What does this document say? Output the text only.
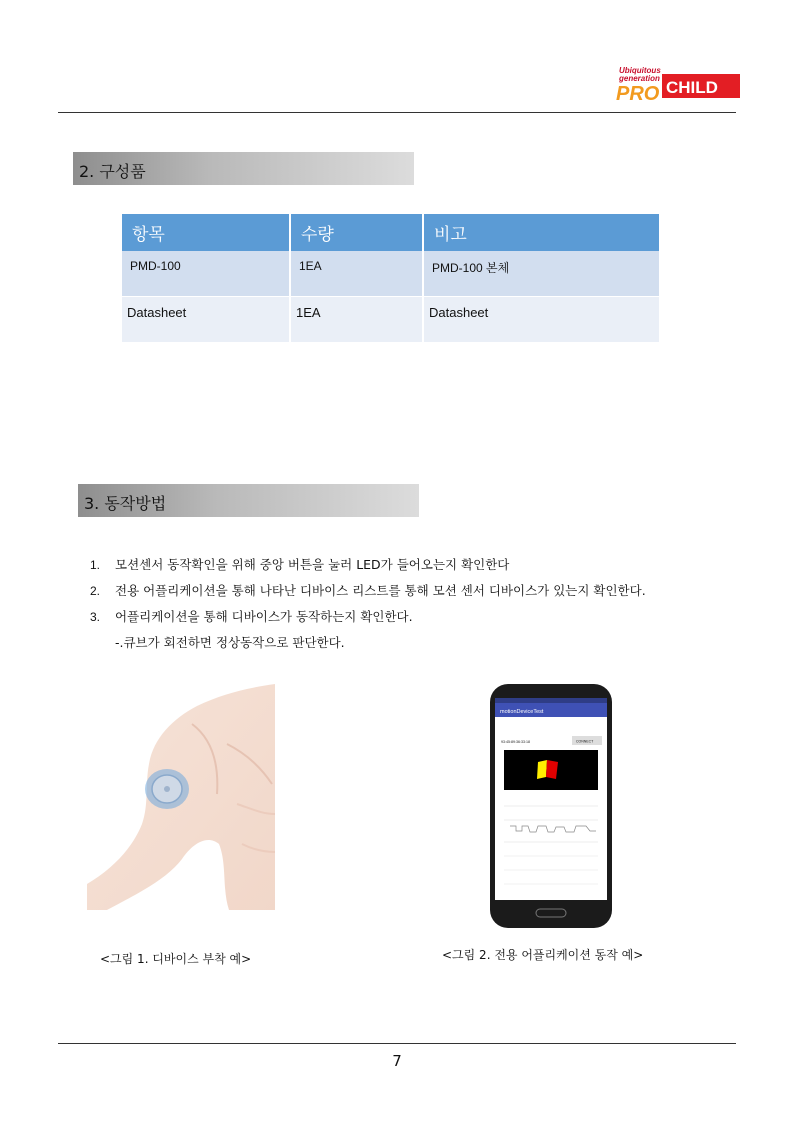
Ubiquitous
generation
PRO CHILD
2. 구성품
항목	수량	비고
PMD-100	1EA	PMD-100 본체
Datasheet	1EA	Datasheet
3. 동작방법
1.	모션센서 동작확인을 위해 중앙 버튼을 눌러 LED가 들어오는지 확인한다
2.	전용 어플리케이션을 통해 나타난 디바이스 리스트를 통해 모션 센서 디바이스가 있는지 확인한다.
3.	어플리케이션을 통해 디바이스가 동작하는지 확인한다.
-.큐브가 회전하면 정상동작으로 판단한다.
motionDeviceTest
93:45:89:36:33:18	CONNECT
<그림 1. 디바이스 부착 예>	<그림 2. 전용 어플리케이션 동작 예>
7
